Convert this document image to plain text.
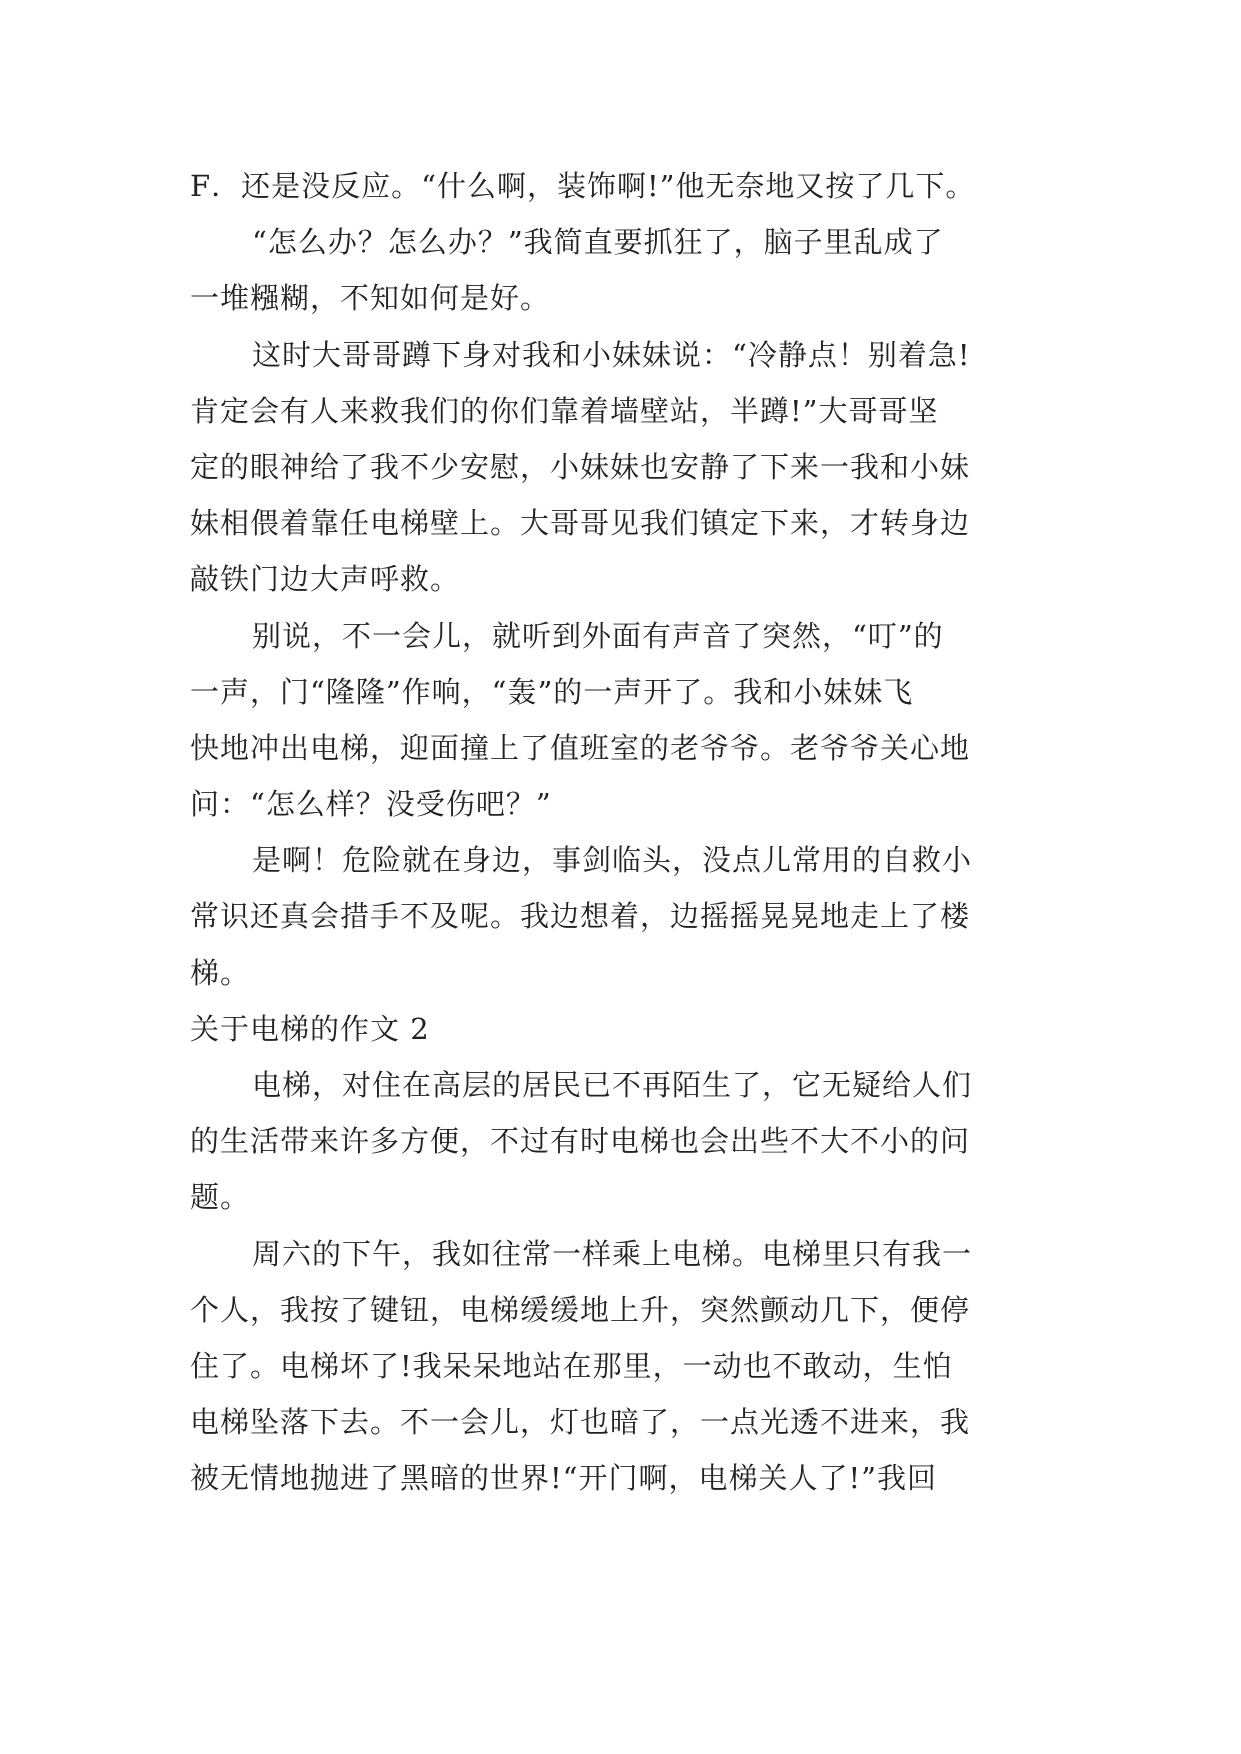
F．还是没反应。“什么啊，装饰啊!”他无奈地又按了几下。
“怎么办？怎么办？”我简直要抓狂了，脑子里乱成了
一堆糨糊，不知如何是好。
这时大哥哥蹲下身对我和小妹妹说：“冷静点！别着急!
肯定会有人来救我们的你们靠着墙壁站，半蹲!”大哥哥坚
定的眼神给了我不少安慰，小妹妹也安静了下来一我和小妹
妹相偎着靠任电梯壁上。大哥哥见我们镇定下来，才转身边
敲铁门边大声呼救。
别说，不一会儿，就听到外面有声音了突然，“叮”的
一声，门“隆隆”作响，“轰”的一声开了。我和小妹妹飞
快地冲出电梯，迎面撞上了值班室的老爷爷。老爷爷关心地
问：“怎么样？没受伤吧？”
是啊！危险就在身边，事剑临头，没点儿常用的自救小
常识还真会措手不及呢。我边想着，边摇摇晃晃地走上了楼
梯。
关于电梯的作文 2
电梯，对住在高层的居民已不再陌生了，它无疑给人们
的生活带来许多方便，不过有时电梯也会出些不大不小的问
题。
周六的下午，我如往常一样乘上电梯。电梯里只有我一
个人，我按了键钮，电梯缓缓地上升，突然颤动几下，便停
住了。电梯坏了!我呆呆地站在那里，一动也不敢动，生怕
电梯坠落下去。不一会儿，灯也暗了，一点光透不进来，我
被无情地抛进了黑暗的世界!“开门啊，电梯关人了!”我回
